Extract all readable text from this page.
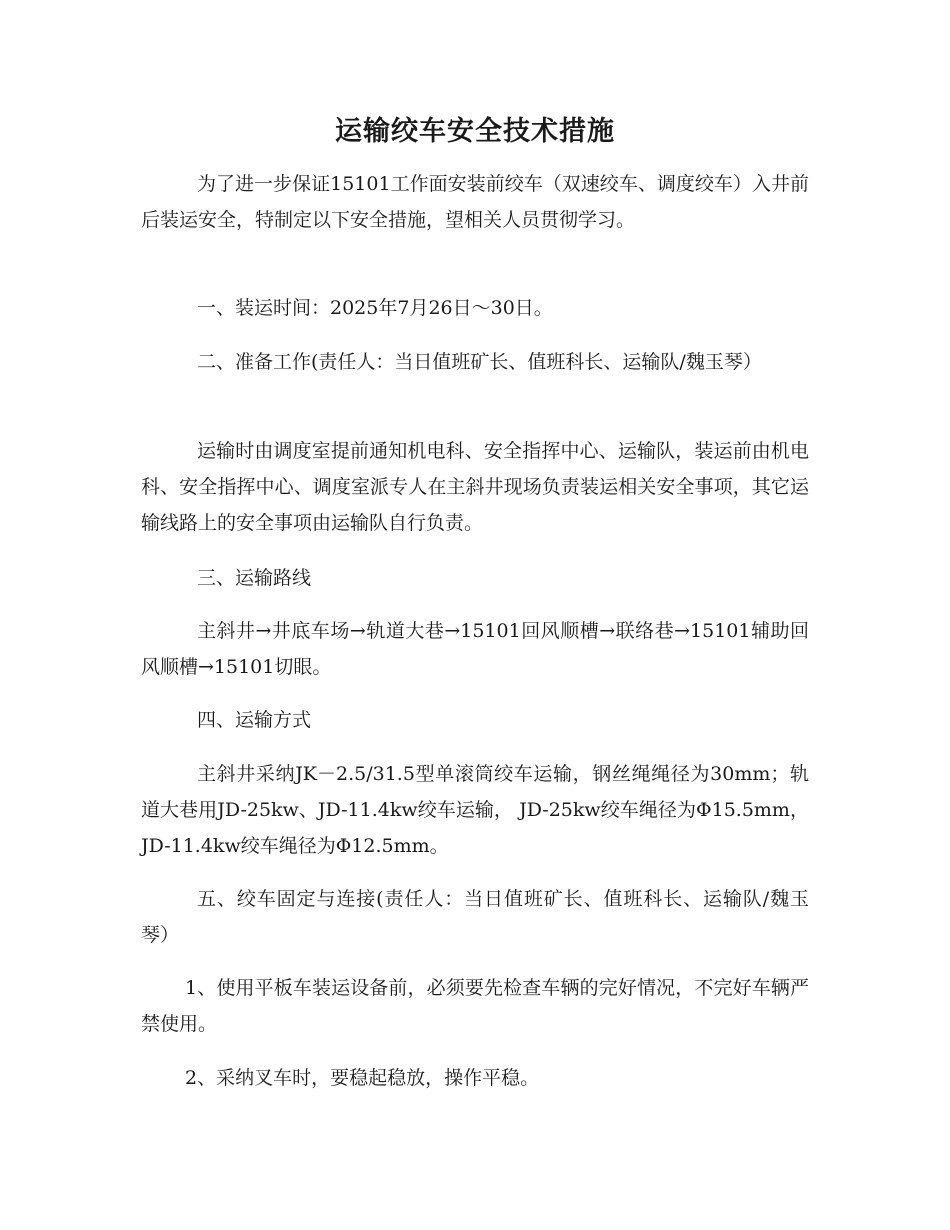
运输绞车安全技术措施

为了进一步保证15101工作面安装前绞车（双速绞车、调度绞车）入井前后装运安全，特制定以下安全措施，望相关人员贯彻学习。

一、装运时间：2025年7月26日～30日。

二、准备工作(责任人：当日值班矿长、值班科长、运输队/魏玉琴）

运输时由调度室提前通知机电科、安全指挥中心、运输队，装运前由机电科、安全指挥中心、调度室派专人在主斜井现场负责装运相关安全事项，其它运输线路上的安全事项由运输队自行负责。

三、运输路线

主斜井→井底车场→轨道大巷→15101回风顺槽→联络巷→15101辅助回风顺槽→15101切眼。

四、运输方式

主斜井采纳JK－2.5/31.5型单滚筒绞车运输，钢丝绳绳径为30mm；轨道大巷用JD-25kw、JD-11.4kw绞车运输， JD-25kw绞车绳径为Φ15.5mm，JD-11.4kw绞车绳径为Φ12.5mm。

五、绞车固定与连接(责任人：当日值班矿长、值班科长、运输队/魏玉琴）

1、使用平板车装运设备前，必须要先检查车辆的完好情况，不完好车辆严禁使用。

2、采纳叉车时，要稳起稳放，操作平稳。
